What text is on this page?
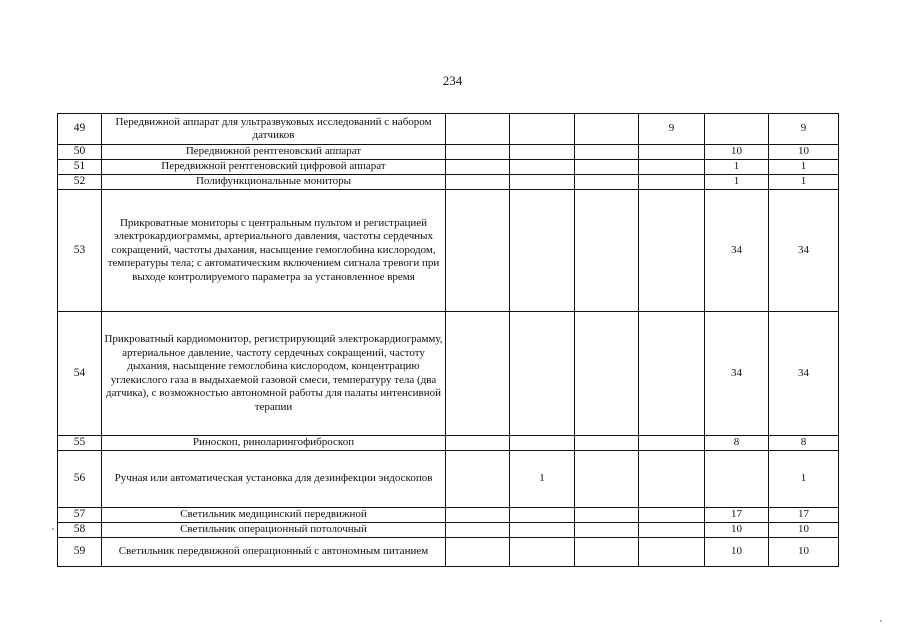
234
49	Передвижной аппарат для ультразвуковых исследований с набором датчиков				9		9
50	Передвижной рентгеновский аппарат					10	10
51	Передвижной рентгеновский цифровой аппарат					1	1
52	Полифункциональные мониторы					1	1
53	Прикроватные мониторы с центральным пультом и регистрацией электрокардиограммы, артериального давления, частоты сердечных сокращений, частоты дыхания, насыщение гемоглобина кислородом, температуры тела; с автоматическим включением сигнала тревоги при выходе контролируемого параметра за установленное время					34	34
54	Прикроватный кардиомонитор, регистрирующий электрокардиограмму, артериальное давление, частоту сердечных сокращений, частоту дыхания, насыщение гемоглобина кислородом, концентрацию углекислого газа в выдыхаемой газовой смеси, температуру тела (два датчика), с возможностью автономной работы для палаты интенсивной терапии					34	34
55	Риноскоп, риноларингофиброскоп					8	8
56	Ручная или автоматическая установка для дезинфекции эндоскопов		1				1
57	Светильник медицинский передвижной					17	17
58	Светильник операционный потолочный					10	10
59	Светильник передвижной операционный с автономным питанием					10	10
